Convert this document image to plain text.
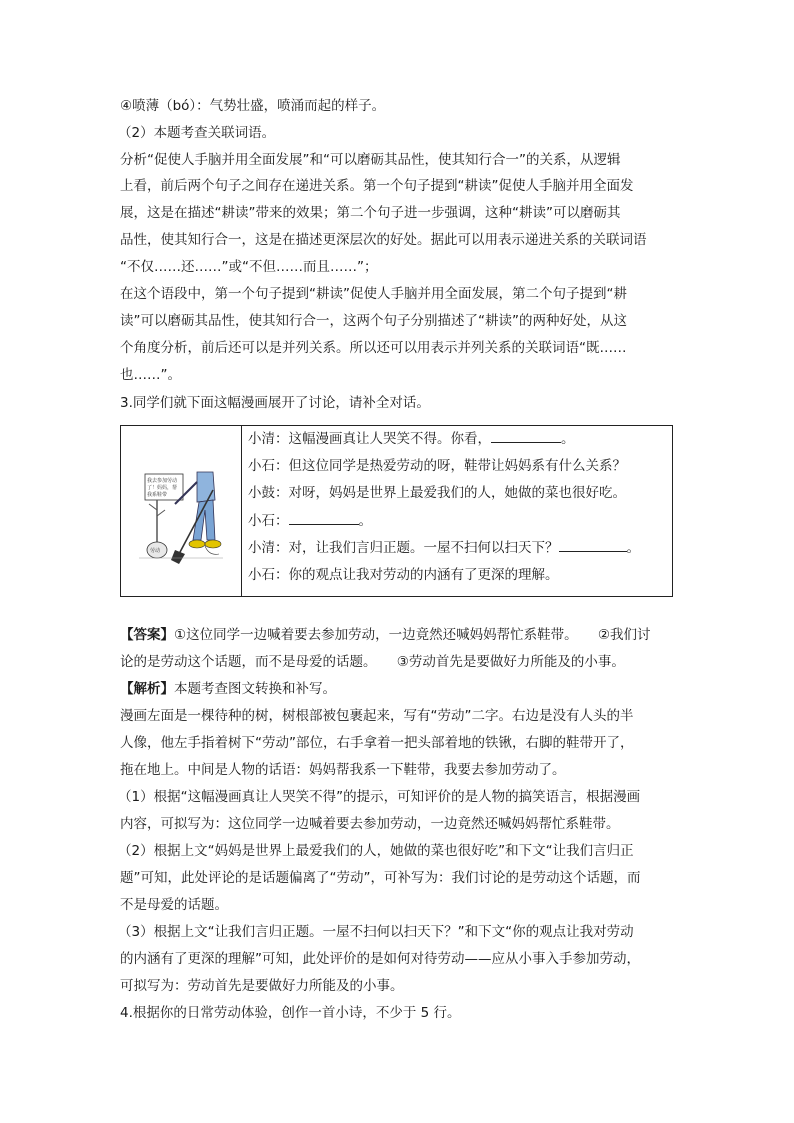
④喷薄（bó）：气势壮盛，喷涌而起的样子。
（2）本题考查关联词语。
分析“促使人手脑并用全面发展”和“可以磨砺其品性，使其知行合一”的关系，从逻辑
上看，前后两个句子之间存在递进关系。第一个句子提到“耕读”促使人手脑并用全面发
展，这是在描述“耕读”带来的效果；第二个句子进一步强调，这种“耕读”可以磨砺其
品性，使其知行合一，这是在描述更深层次的好处。据此可以用表示递进关系的关联词语
“不仅……还……”或“不但……而且……”；
在这个语段中，第一个句子提到“耕读”促使人手脑并用全面发展，第二个句子提到“耕
读”可以磨砺其品性，使其知行合一，这两个句子分别描述了“耕读”的两种好处，从这
个角度分析，前后还可以是并列关系。所以还可以用表示并列关系的关联词语“既……
也……”。
3.同学们就下面这幅漫画展开了讨论，请补全对话。
我去参加劳动
了！妈妈，帮
我系鞋带
劳动

小清：这幅漫画真让人哭笑不得。你看，	。
小石：但这位同学是热爱劳动的呀，鞋带让妈妈系有什么关系？
小鼓：对呀，妈妈是世界上最爱我们的人，她做的菜也很好吃。
小石：	。
小清：对，让我们言归正题。一屋不扫何以扫天下？	。
小石：你的观点让我对劳动的内涵有了更深的理解。
【答案】①这位同学一边喊着要去参加劳动，一边竟然还喊妈妈帮忙系鞋带。　　②我们讨
论的是劳动这个话题，而不是母爱的话题。　　③劳动首先是要做好力所能及的小事。
【解析】本题考查图文转换和补写。
漫画左面是一棵待种的树，树根部被包裹起来，写有“劳动”二字。右边是没有人头的半
人像，他左手指着树下“劳动”部位，右手拿着一把头部着地的铁锹，右脚的鞋带开了，
拖在地上。中间是人物的话语：妈妈帮我系一下鞋带，我要去参加劳动了。
（1）根据“这幅漫画真让人哭笑不得”的提示，可知评价的是人物的搞笑语言，根据漫画
内容，可拟写为：这位同学一边喊着要去参加劳动，一边竟然还喊妈妈帮忙系鞋带。
（2）根据上文“妈妈是世界上最爱我们的人，她做的菜也很好吃”和下文“让我们言归正
题”可知，此处评论的是话题偏离了“劳动”，可补写为：我们讨论的是劳动这个话题，而
不是母爱的话题。
（3）根据上文“让我们言归正题。一屋不扫何以扫天下？”和下文“你的观点让我对劳动
的内涵有了更深的理解”可知，此处评价的是如何对待劳动——应从小事入手参加劳动，
可拟写为：劳动首先是要做好力所能及的小事。
4.根据你的日常劳动体验，创作一首小诗，不少于 5 行。
